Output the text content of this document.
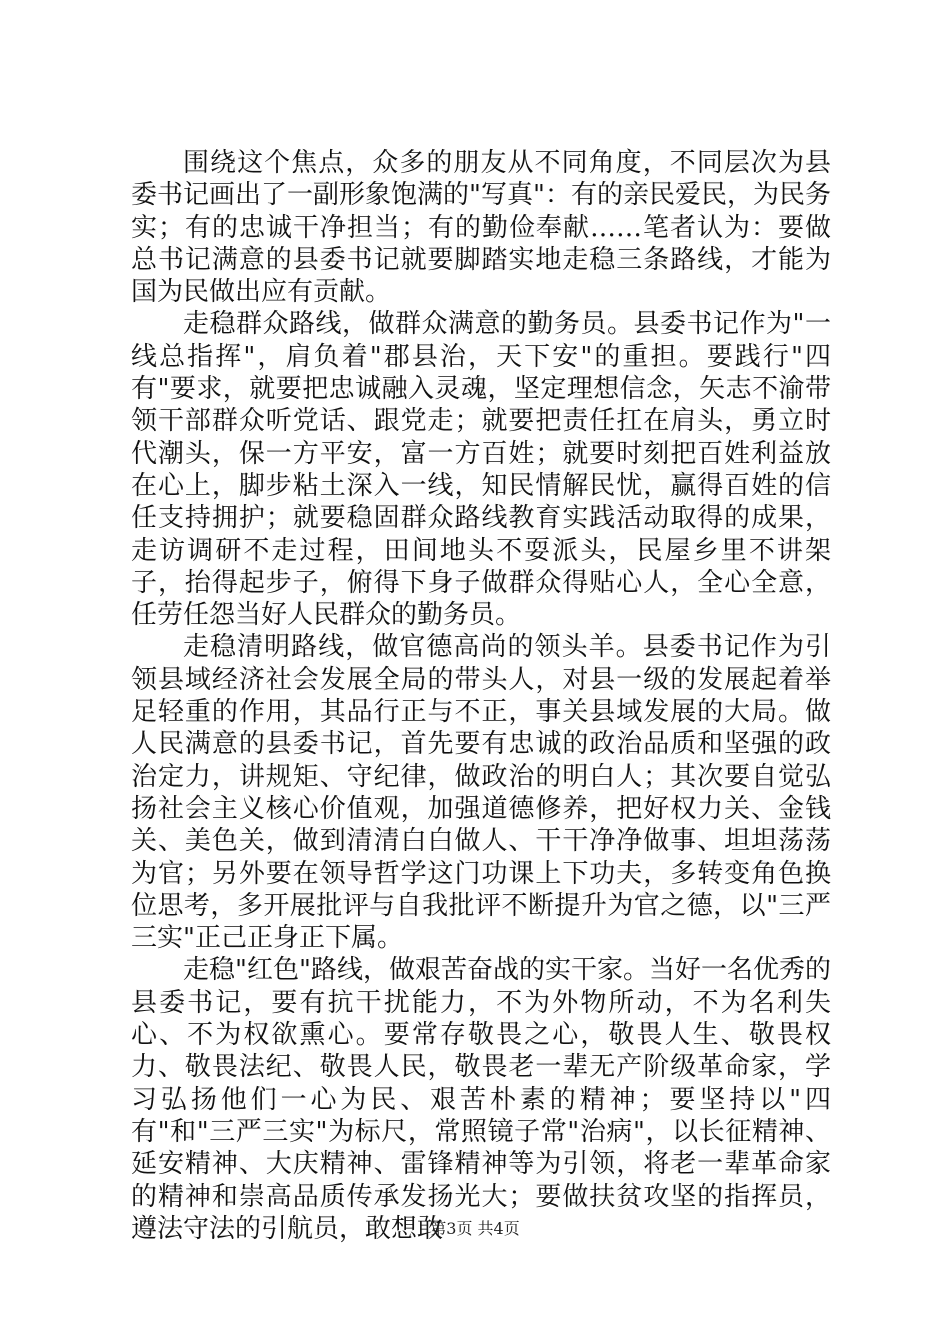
围绕这个焦点，众多的朋友从不同角度，不同层次为县委书记画出了一副形象饱满的"写真"：有的亲民爱民，为民务实；有的忠诚干净担当；有的勤俭奉献……笔者认为：要做总书记满意的县委书记就要脚踏实地走稳三条路线，才能为国为民做出应有贡献。

走稳群众路线，做群众满意的勤务员。县委书记作为"一线总指挥"，肩负着"郡县治，天下安"的重担。要践行"四有"要求，就要把忠诚融入灵魂，坚定理想信念，矢志不渝带领干部群众听党话、跟党走；就要把责任扛在肩头，勇立时代潮头，保一方平安，富一方百姓；就要时刻把百姓利益放在心上，脚步粘土深入一线，知民情解民忧，赢得百姓的信任支持拥护；就要稳固群众路线教育实践活动取得的成果，走访调研不走过程，田间地头不耍派头，民屋乡里不讲架子，抬得起步子，俯得下身子做群众得贴心人，全心全意，任劳任怨当好人民群众的勤务员。

走稳清明路线，做官德高尚的领头羊。县委书记作为引领县域经济社会发展全局的带头人，对县一级的发展起着举足轻重的作用，其品行正与不正，事关县域发展的大局。做人民满意的县委书记，首先要有忠诚的政治品质和坚强的政治定力，讲规矩、守纪律，做政治的明白人；其次要自觉弘扬社会主义核心价值观，加强道德修养，把好权力关、金钱关、美色关，做到清清白白做人、干干净净做事、坦坦荡荡为官；另外要在领导哲学这门功课上下功夫，多转变角色换位思考，多开展批评与自我批评不断提升为官之德，以"三严三实"正己正身正下属。

走稳"红色"路线，做艰苦奋战的实干家。当好一名优秀的县委书记，要有抗干扰能力，不为外物所动，不为名利失心、不为权欲熏心。要常存敬畏之心，敬畏人生、敬畏权力、敬畏法纪、敬畏人民，敬畏老一辈无产阶级革命家，学习弘扬他们一心为民、艰苦朴素的精神；要坚持以"四有"和"三严三实"为标尺，常照镜子常"治病"，以长征精神、延安精神、大庆精神、雷锋精神等为引领，将老一辈革命家的精神和崇高品质传承发扬光大；要做扶贫攻坚的指挥员，遵法守法的引航员，敢想敢

第3页 共4页
